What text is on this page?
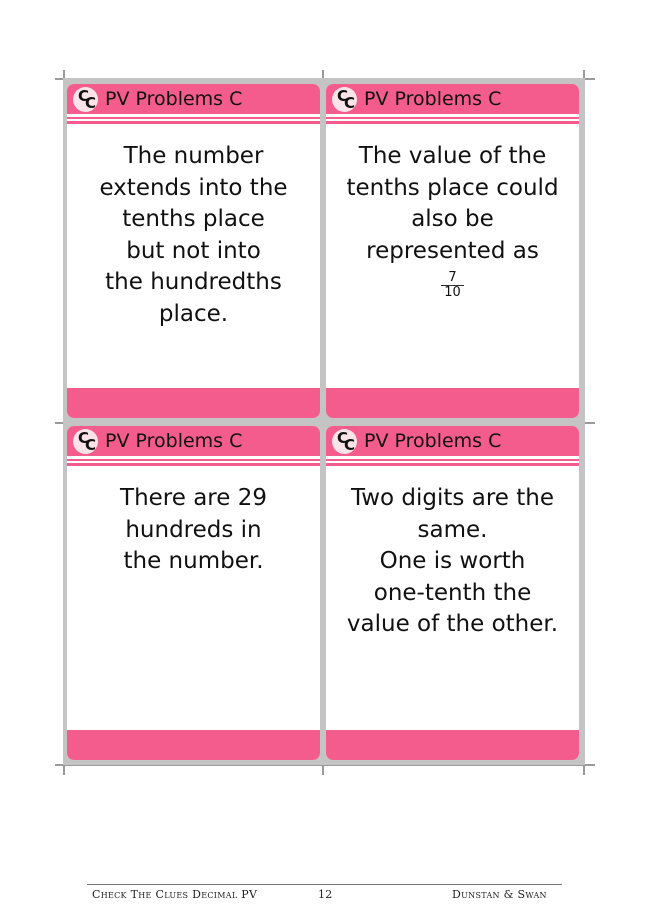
C
C PV Problems C
The number
extends into the
tenths place
but not into
the hundredths
place.
C
C PV Problems C
The value of the
tenths place could
also be
represented as
$\frac{7}{10}$
C
C PV Problems C
There are 29
hundreds in
the number.
C
C PV Problems C
Two digits are the
same.
One is worth
one-tenth the
value of the other.
Check The Clues Decimal PV	12	Dunstan & Swan
